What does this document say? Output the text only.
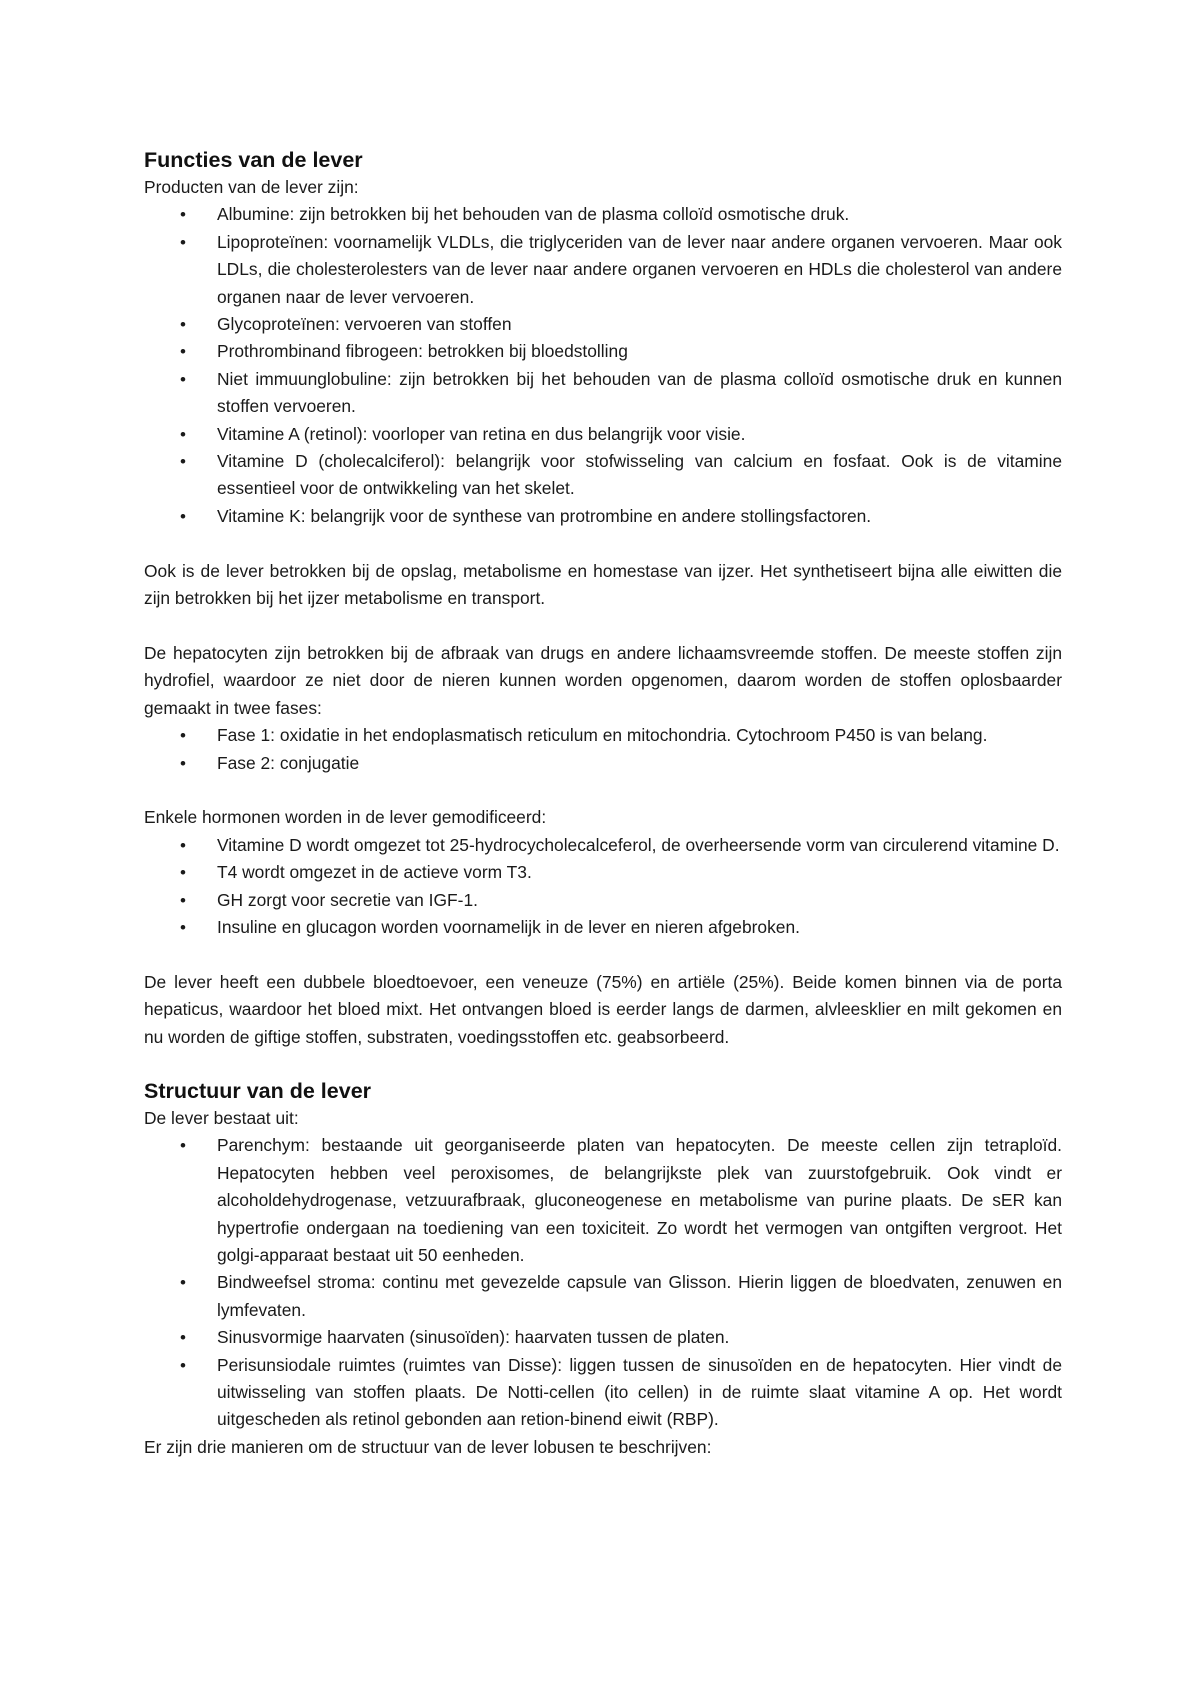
Functies van de lever

Producten van de lever zijn:

• Albumine: zijn betrokken bij het behouden van de plasma colloïd osmotische druk.
• Lipoproteïnen: voornamelijk VLDLs, die triglyceriden van de lever naar andere organen vervoeren. Maar ook LDLs, die cholesterolesters van de lever naar andere organen vervoeren en HDLs die cholesterol van andere organen naar de lever vervoeren.
• Glycoproteïnen: vervoeren van stoffen
• Prothrombinand fibrogeen: betrokken bij bloedstolling
• Niet immuunglobuline: zijn betrokken bij het behouden van de plasma colloïd osmotische druk en kunnen stoffen vervoeren.
• Vitamine A (retinol): voorloper van retina en dus belangrijk voor visie.
• Vitamine D (cholecalciferol): belangrijk voor stofwisseling van calcium en fosfaat. Ook is de vitamine essentieel voor de ontwikkeling van het skelet.
• Vitamine K: belangrijk voor de synthese van protrombine en andere stollingsfactoren.

Ook is de lever betrokken bij de opslag, metabolisme en homestase van ijzer. Het synthetiseert bijna alle eiwitten die zijn betrokken bij het ijzer metabolisme en transport.

De hepatocyten zijn betrokken bij de afbraak van drugs en andere lichaamsvreemde stoffen. De meeste stoffen zijn hydrofiel, waardoor ze niet door de nieren kunnen worden opgenomen, daarom worden de stoffen oplosbaarder gemaakt in twee fases:

• Fase 1: oxidatie in het endoplasmatisch reticulum en mitochondria. Cytochroom P450 is van belang.
• Fase 2: conjugatie

Enkele hormonen worden in de lever gemodificeerd:

• Vitamine D wordt omgezet tot 25-hydrocycholecalceferol, de overheersende vorm van circulerend vitamine D.
• T4 wordt omgezet in de actieve vorm T3.
• GH zorgt voor secretie van IGF-1.
• Insuline en glucagon worden voornamelijk in de lever en nieren afgebroken.

De lever heeft een dubbele bloedtoevoer, een veneuze (75%) en artiële (25%). Beide komen binnen via de porta hepaticus, waardoor het bloed mixt. Het ontvangen bloed is eerder langs de darmen, alvleesklier en milt gekomen en nu worden de giftige stoffen, substraten, voedingsstoffen etc. geabsorbeerd.

Structuur van de lever

De lever bestaat uit:

• Parenchym: bestaande uit georganiseerde platen van hepatocyten. De meeste cellen zijn tetraploïd. Hepatocyten hebben veel peroxisomes, de belangrijkste plek van zuurstofgebruik. Ook vindt er alcoholdehydrogenase, vetzuurafbraak, gluconeogenese en metabolisme van purine plaats. De sER kan hypertrofie ondergaan na toediening van een toxiciteit. Zo wordt het vermogen van ontgiften vergroot. Het golgi-apparaat bestaat uit 50 eenheden.
• Bindweefsel stroma: continu met gevezelde capsule van Glisson. Hierin liggen de bloedvaten, zenuwen en lymfevaten.
• Sinusvormige haarvaten (sinusoïden): haarvaten tussen de platen.
• Perisunsiodale ruimtes (ruimtes van Disse): liggen tussen de sinusoïden en de hepatocyten. Hier vindt de uitwisseling van stoffen plaats. De Notti-cellen (ito cellen) in de ruimte slaat vitamine A op. Het wordt uitgescheden als retinol gebonden aan retion-binend eiwit (RBP).

Er zijn drie manieren om de structuur van de lever lobusen te beschrijven:
